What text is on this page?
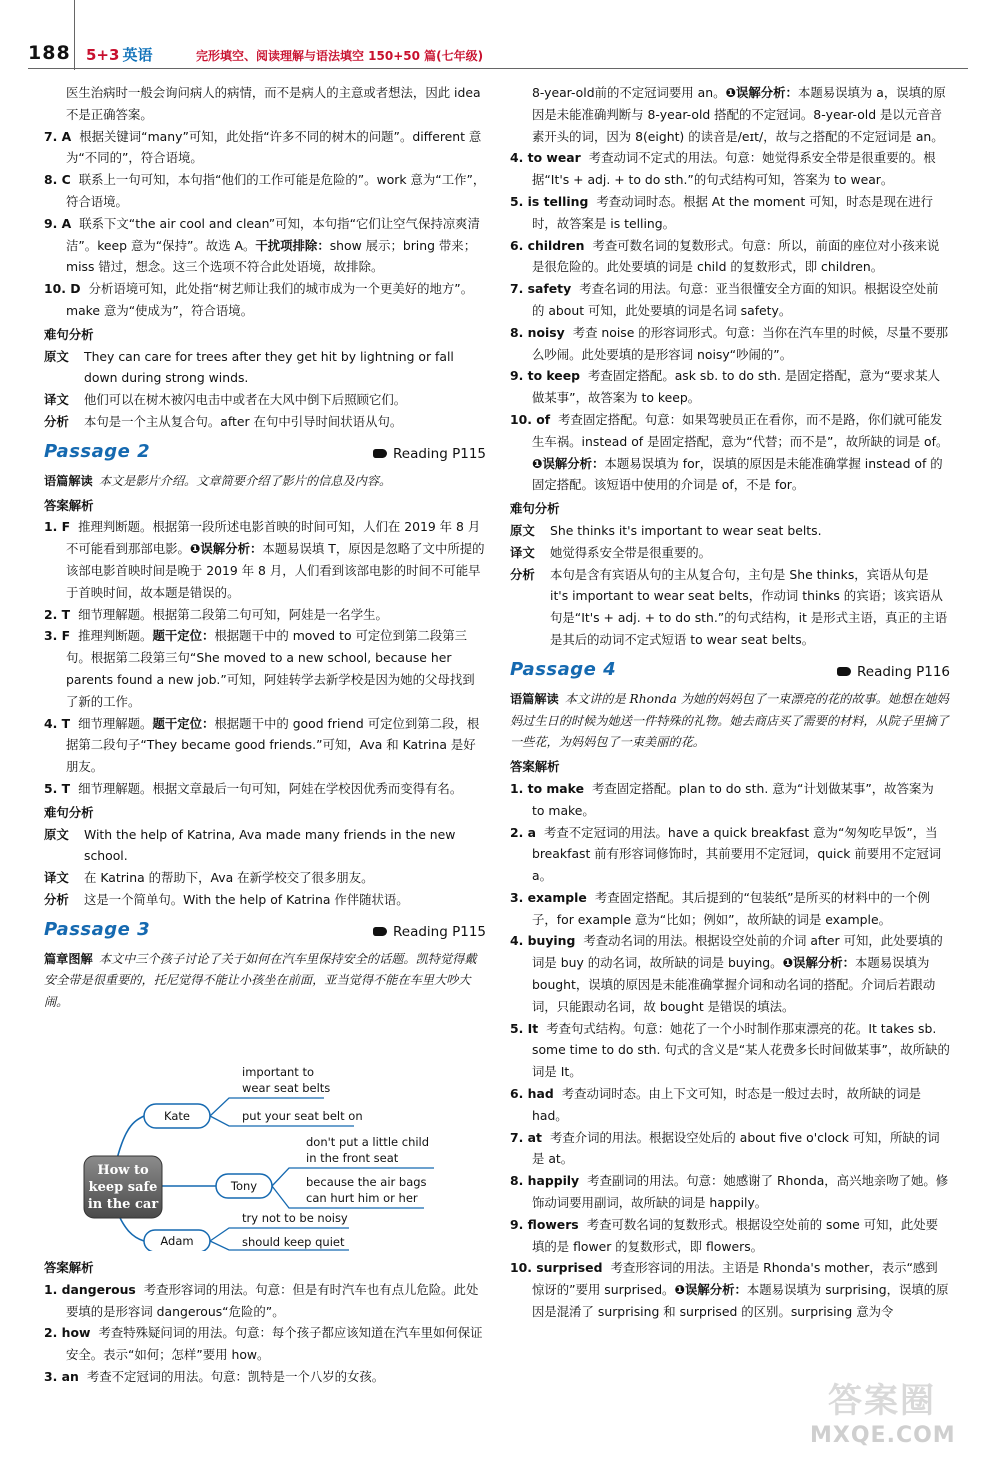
188 5+3 英语	完形填空、阅读理解与语法填空 150+50 篇(七年级)

医生治病时一般会询问病人的病情，而不是病人的主意或者想法，因此 idea 不是正确答案。

7. A 根据关键词“many”可知，此处指“许多不同的树木的问题”。different 意为“不同的”，符合语境。

8. C 联系上一句可知，本句指“他们的工作可能是危险的”。work 意为“工作”，符合语境。

9. A 联系下文“the air cool and clean”可知，本句指“它们让空气保持凉爽清洁”。keep 意为“保持”。故选 A。干扰项排除：show 展示；bring 带来；miss 错过，想念。这三个选项不符合此处语境，故排除。

10. D 分析语境可知，此处指“树艺师让我们的城市成为一个更美好的地方”。make 意为“使成为”，符合语境。

难句分析

原文 They can care for trees after they get hit by lightning or fall down during strong winds.

译文 他们可以在树木被闪电击中或者在大风中倒下后照顾它们。

分析 本句是一个主从复合句。after 在句中引导时间状语从句。

Passage 2	Reading P115

语篇解读 本文是影片介绍。文章简要介绍了影片的信息及内容。

答案解析

1. F 推理判断题。根据第一段所述电影首映的时间可知，人们在 2019 年 8 月不可能看到那部电影。❶误解分析：本题易误填 T，原因是忽略了文中所提的该部电影首映时间是晚于 2019 年 8 月，人们看到该部电影的时间不可能早于首映时间，故本题是错误的。

2. T 细节理解题。根据第二段第二句可知，阿娃是一名学生。

3. F 推理判断题。题干定位：根据题干中的 moved to 可定位到第二段第三句。根据第二段第三句“She moved to a new school, because her parents found a new job.”可知，阿娃转学去新学校是因为她的父母找到了新的工作。

4. T 细节理解题。题干定位：根据题干中的 good friend 可定位到第二段，根据第二段句子“They became good friends.”可知，Ava 和 Katrina 是好朋友。

5. T 细节理解题。根据文章最后一句可知，阿娃在学校因优秀而变得有名。

难句分析

原文 With the help of Katrina, Ava made many friends in the new school.

译文 在 Katrina 的帮助下，Ava 在新学校交了很多朋友。

分析 这是一个简单句。With the help of Katrina 作伴随状语。

Passage 3	Reading P115

篇章图解 本文中三个孩子讨论了关于如何在汽车里保持安全的话题。凯特觉得戴安全带是很重要的，托尼觉得不能让小孩坐在前面，亚当觉得不能在车里大吵大闹。

How to
keep safe
in the car
Kate
important to
wear seat belts
put your seat belt on
Tony
don't put a little child
in the front seat
because the air bags
can hurt him or her
Adam
try not to be noisy
should keep quiet

答案解析

1. dangerous 考查形容词的用法。句意：但是有时汽车也有点儿危险。此处要填的是形容词 dangerous“危险的”。

2. how 考查特殊疑问词的用法。句意：每个孩子都应该知道在汽车里如何保证安全。表示“如何；怎样”要用 how。

3. an 考查不定冠词的用法。句意：凯特是一个八岁的女孩。

8-year-old前的不定冠词要用 an。❶误解分析：本题易误填为 a，误填的原因是未能准确判断与 8-year-old 搭配的不定冠词。8-year-old 是以元音音素开头的词，因为 8(eight) 的读音是/eɪt/，故与之搭配的不定冠词是 an。

4. to wear 考查动词不定式的用法。句意：她觉得系安全带是很重要的。根据“It's + adj. + to do sth.”的句式结构可知，答案为 to wear。

5. is telling 考查动词时态。根据 At the moment 可知，时态是现在进行时，故答案是 is telling。

6. children 考查可数名词的复数形式。句意：所以，前面的座位对小孩来说是很危险的。此处要填的词是 child 的复数形式，即 children。

7. safety 考查名词的用法。句意：亚当很懂安全方面的知识。根据设空处前的 about 可知，此处要填的词是名词 safety。

8. noisy 考查 noise 的形容词形式。句意：当你在汽车里的时候，尽量不要那么吵闹。此处要填的是形容词 noisy“吵闹的”。

9. to keep 考查固定搭配。ask sb. to do sth. 是固定搭配，意为“要求某人做某事”，故答案为 to keep。

10. of 考查固定搭配。句意：如果驾驶员正在看你，而不是路，你们就可能发生车祸。instead of 是固定搭配，意为“代替；而不是”，故所缺的词是 of。❶误解分析：本题易误填为 for，误填的原因是未能准确掌握 instead of 的固定搭配。该短语中使用的介词是 of，不是 for。

难句分析

原文 She thinks it's important to wear seat belts.

译文 她觉得系安全带是很重要的。

分析 本句是含有宾语从句的主从复合句，主句是 She thinks，宾语从句是 it's important to wear seat belts，作动词 thinks 的宾语；该宾语从句是“It's + adj. + to do sth.”的句式结构，it 是形式主语，真正的主语是其后的动词不定式短语 to wear seat belts。

Passage 4	Reading P116

语篇解读 本文讲的是 Rhonda 为她的妈妈包了一束漂亮的花的故事。她想在她妈妈过生日的时候为她送一件特殊的礼物。她去商店买了需要的材料，从院子里摘了一些花，为妈妈包了一束美丽的花。

答案解析

1. to make 考查固定搭配。plan to do sth. 意为“计划做某事”，故答案为 to make。

2. a 考查不定冠词的用法。have a quick breakfast 意为“匆匆吃早饭”，当 breakfast 前有形容词修饰时，其前要用不定冠词，quick 前要用不定冠词 a。

3. example 考查固定搭配。其后提到的“包装纸”是所买的材料中的一个例子，for example 意为“比如；例如”，故所缺的词是 example。

4. buying 考查动名词的用法。根据设空处前的介词 after 可知，此处要填的词是 buy 的动名词，故所缺的词是 buying。❶误解分析：本题易误填为 bought，误填的原因是未能准确掌握介词和动名词的搭配。介词后若跟动词，只能跟动名词，故 bought 是错误的填法。

5. It 考查句式结构。句意：她花了一个小时制作那束漂亮的花。It takes sb. some time to do sth. 句式的含义是“某人花费多长时间做某事”，故所缺的词是 It。

6. had 考查动词时态。由上下文可知，时态是一般过去时，故所缺的词是 had。

7. at 考查介词的用法。根据设空处后的 about five o'clock 可知，所缺的词是 at。

8. happily 考查副词的用法。句意：她感谢了 Rhonda，高兴地亲吻了她。修饰动词要用副词，故所缺的词是 happily。

9. flowers 考查可数名词的复数形式。根据设空处前的 some 可知，此处要填的是 flower 的复数形式，即 flowers。

10. surprised 考查形容词的用法。主语是 Rhonda's mother，表示“感到惊讶的”要用 surprised。❶误解分析：本题易误填为 surprising，误填的原因是混淆了 surprising 和 surprised 的区别。surprising 意为令

答案圈
MXQE.COM
